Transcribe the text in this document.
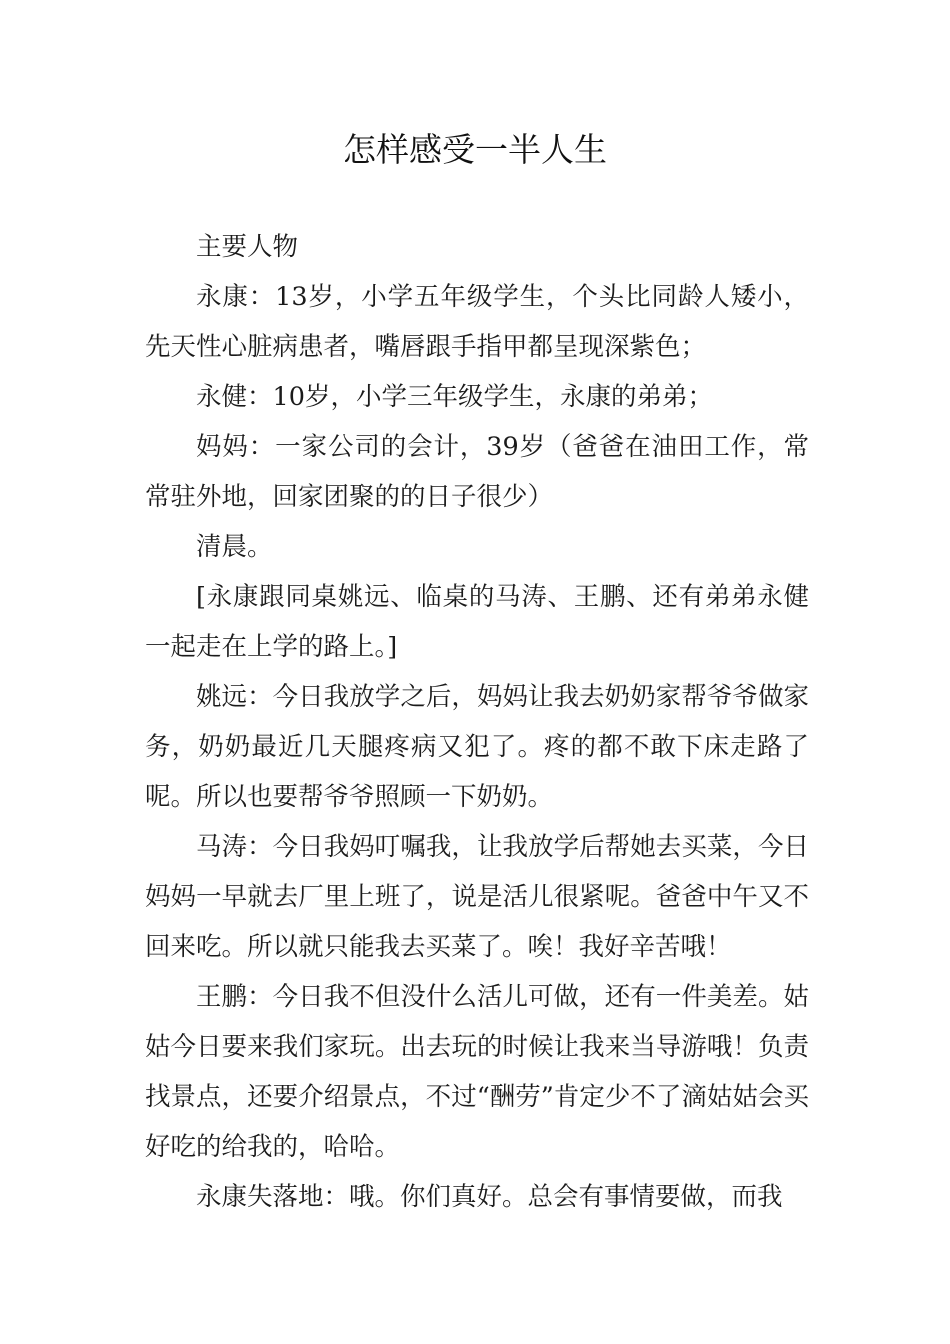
怎样感受一半人生

主要人物

永康：13岁，小学五年级学生，个头比同龄人矮小，先天性心脏病患者，嘴唇跟手指甲都呈现深紫色；

永健：10岁，小学三年级学生，永康的弟弟；

妈妈：一家公司的会计，39岁（爸爸在油田工作，常常驻外地，回家团聚的的日子很少）

清晨。

[永康跟同桌姚远、临桌的马涛、王鹏、还有弟弟永健一起走在上学的路上。]

姚远：今日我放学之后，妈妈让我去奶奶家帮爷爷做家务，奶奶最近几天腿疼病又犯了。疼的都不敢下床走路了呢。所以也要帮爷爷照顾一下奶奶。

马涛：今日我妈叮嘱我，让我放学后帮她去买菜，今日妈妈一早就去厂里上班了，说是活儿很紧呢。爸爸中午又不回来吃。所以就只能我去买菜了。唉！我好辛苦哦！

王鹏：今日我不但没什么活儿可做，还有一件美差。姑姑今日要来我们家玩。出去玩的时候让我来当导游哦！负责找景点，还要介绍景点，不过“酬劳”肯定少不了滴姑姑会买好吃的给我的，哈哈。

永康失落地：哦。你们真好。总会有事情要做，而我
